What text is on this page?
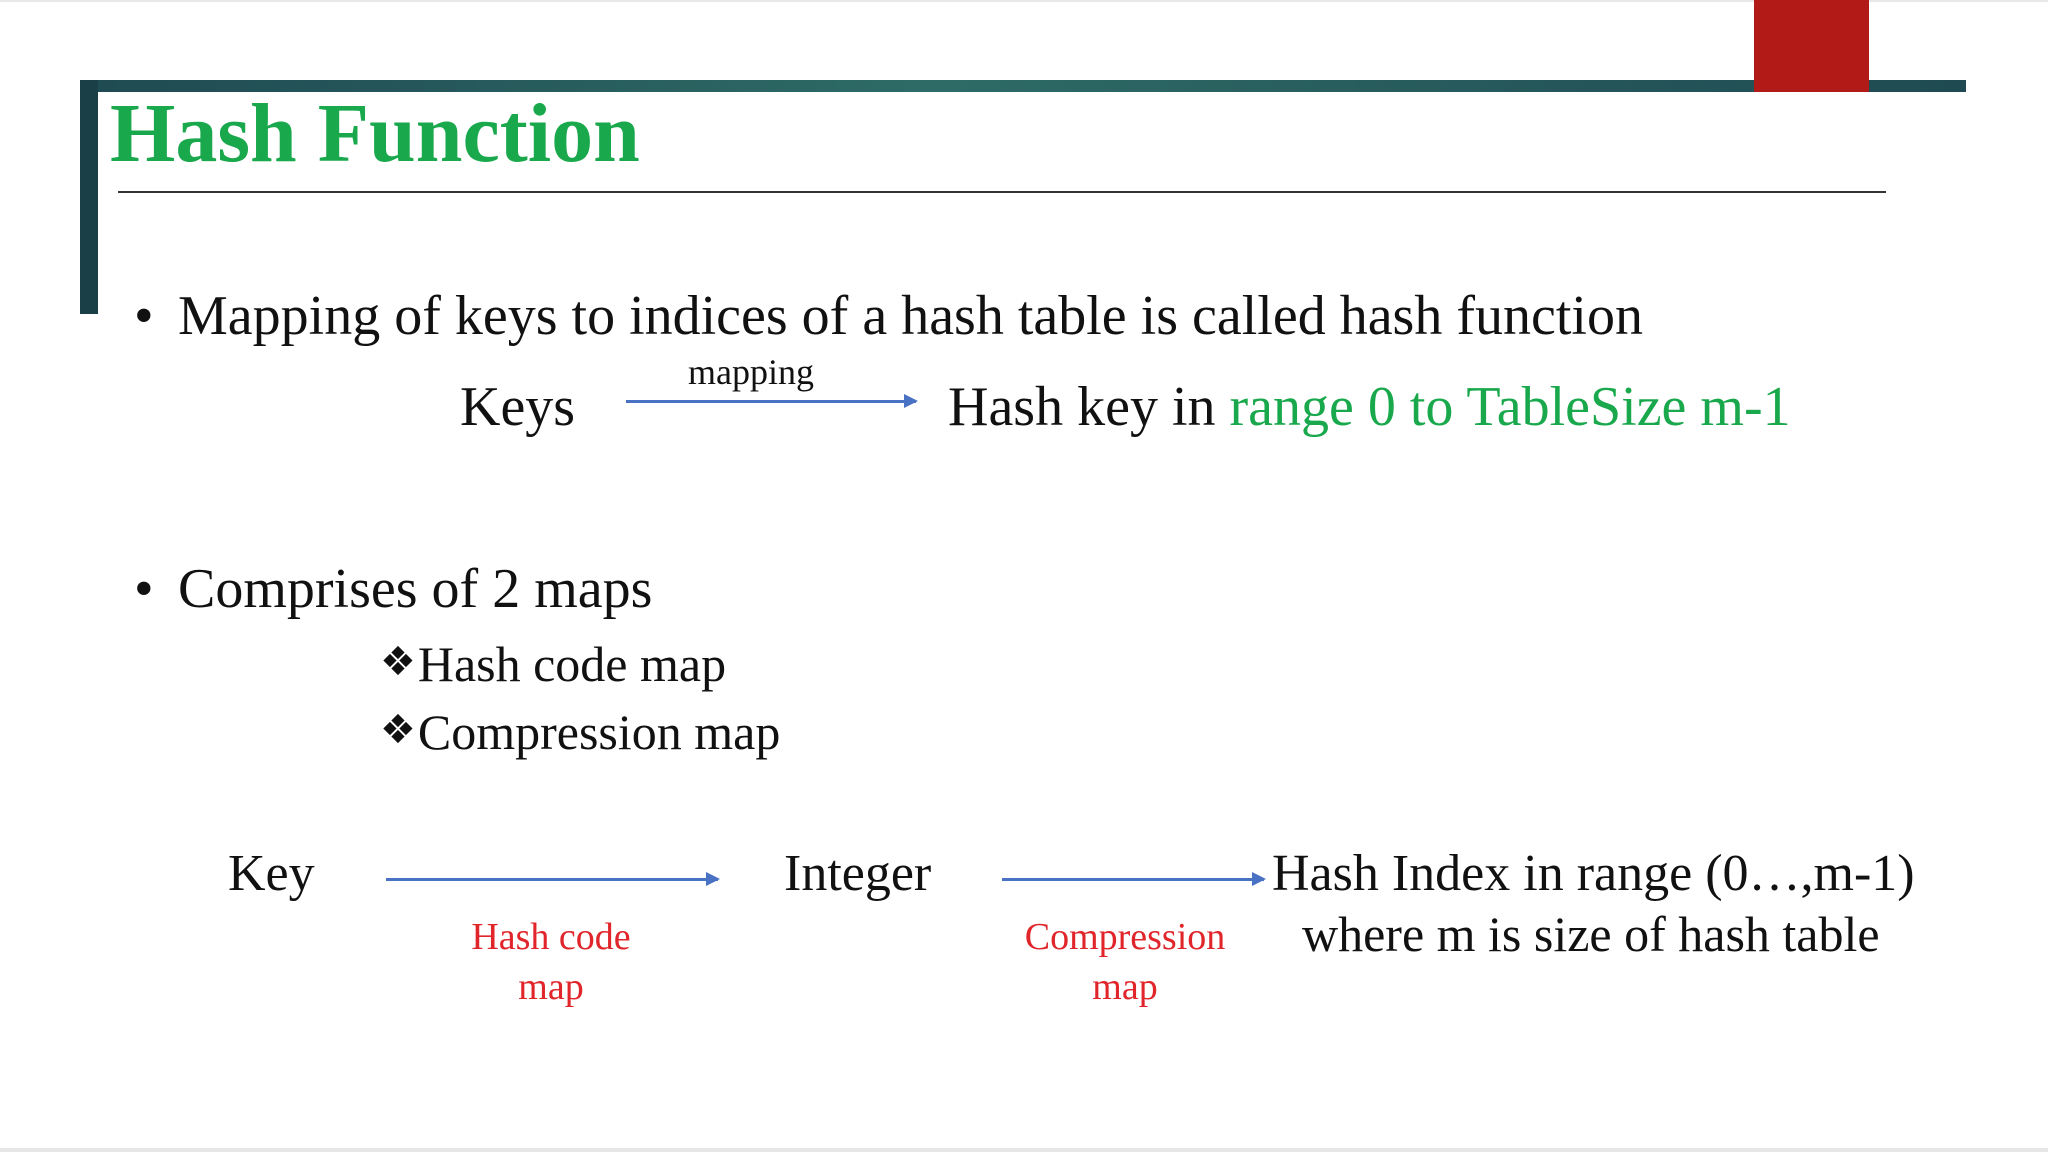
Hash Function
• Mapping of keys to indices of a hash table is called hash function
mapping
Keys	Hash key in range 0 to TableSize m-1
• Comprises of 2 maps
❖Hash code map
❖Compression map
Key	Integer	Hash Index in range (0…,m-1)
where m is size of hash table
Hash code map
Compression map
